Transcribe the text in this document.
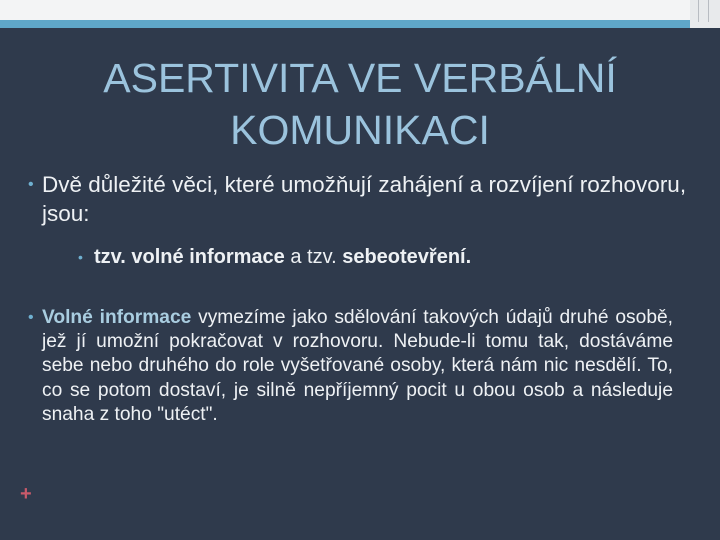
ASERTIVITA VE VERBÁLNÍ KOMUNIKACI
• Dvě důležité věci, které umožňují zahájení a rozvíjení rozhovoru, jsou:
• tzv. volné informace a tzv. sebeotevření.
• Volné informace vymezíme jako sdělování takových údajů druhé osobě, jež jí umožní pokračovat v rozhovoru. Nebude-li tomu tak, dostáváme sebe nebo druhého do role vyšetřované osoby, která nám nic nesdělí. To, co se potom dostaví, je silně nepříjemný pocit u obou osob a následuje snaha z toho "utéct".
+
